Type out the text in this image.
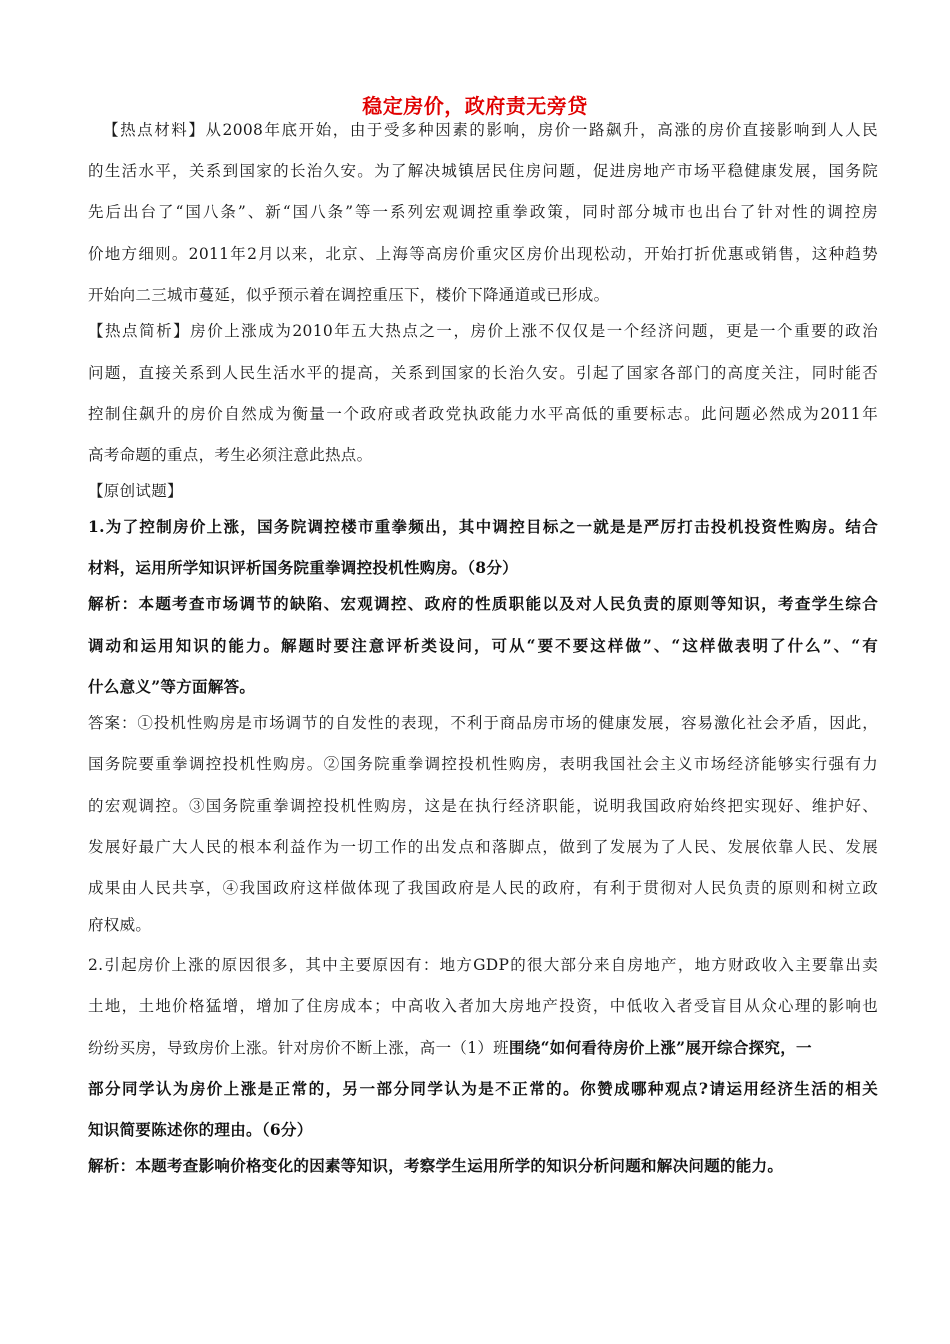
稳定房价，政府责无旁贷
【热点材料】从2008年底开始，由于受多种因素的影响，房价一路飙升，高涨的房价直接影响到人人民
的生活水平，关系到国家的长治久安。为了解决城镇居民住房问题，促进房地产市场平稳健康发展，国务院
先后出台了“国八条”、新“国八条”等一系列宏观调控重拳政策，同时部分城市也出台了针对性的调控房
价地方细则。2011年2月以来，北京、上海等高房价重灾区房价出现松动，开始打折优惠或销售，这种趋势
开始向二三城市蔓延，似乎预示着在调控重压下，楼价下降通道或已形成。
【热点简析】房价上涨成为2010年五大热点之一，房价上涨不仅仅是一个经济问题，更是一个重要的政治
问题，直接关系到人民生活水平的提高，关系到国家的长治久安。引起了国家各部门的高度关注，同时能否
控制住飙升的房价自然成为衡量一个政府或者政党执政能力水平高低的重要标志。此问题必然成为2011年
高考命题的重点，考生必须注意此热点。
【原创试题】
1.为了控制房价上涨，国务院调控楼市重拳频出，其中调控目标之一就是是严厉打击投机投资性购房。结合
材料，运用所学知识评析国务院重拳调控投机性购房。（8分）
解析：本题考查市场调节的缺陷、宏观调控、政府的性质职能以及对人民负责的原则等知识，考查学生综合
调动和运用知识的能力。解题时要注意评析类设问，可从“要不要这样做”、“这样做表明了什么”、“有
什么意义”等方面解答。
答案：①投机性购房是市场调节的自发性的表现，不利于商品房市场的健康发展，容易激化社会矛盾，因此，
国务院要重拳调控投机性购房。②国务院重拳调控投机性购房，表明我国社会主义市场经济能够实行强有力
的宏观调控。③国务院重拳调控投机性购房，这是在执行经济职能，说明我国政府始终把实现好、维护好、
发展好最广大人民的根本利益作为一切工作的出发点和落脚点，做到了发展为了人民、发展依靠人民、发展
成果由人民共享，④我国政府这样做体现了我国政府是人民的政府，有利于贯彻对人民负责的原则和树立政
府权威。
2.引起房价上涨的原因很多，其中主要原因有：地方GDP的很大部分来自房地产，地方财政收入主要靠出卖
土地，土地价格猛增，增加了住房成本；中高收入者加大房地产投资，中低收入者受盲目从众心理的影响也
纷纷买房，导致房价上涨。针对房价不断上涨，高一（1）班围绕“如何看待房价上涨”展开综合探究，一
部分同学认为房价上涨是正常的，另一部分同学认为是不正常的。你赞成哪种观点?请运用经济生活的相关
知识简要陈述你的理由。（6分）
解析：本题考查影响价格变化的因素等知识，考察学生运用所学的知识分析问题和解决问题的能力。
